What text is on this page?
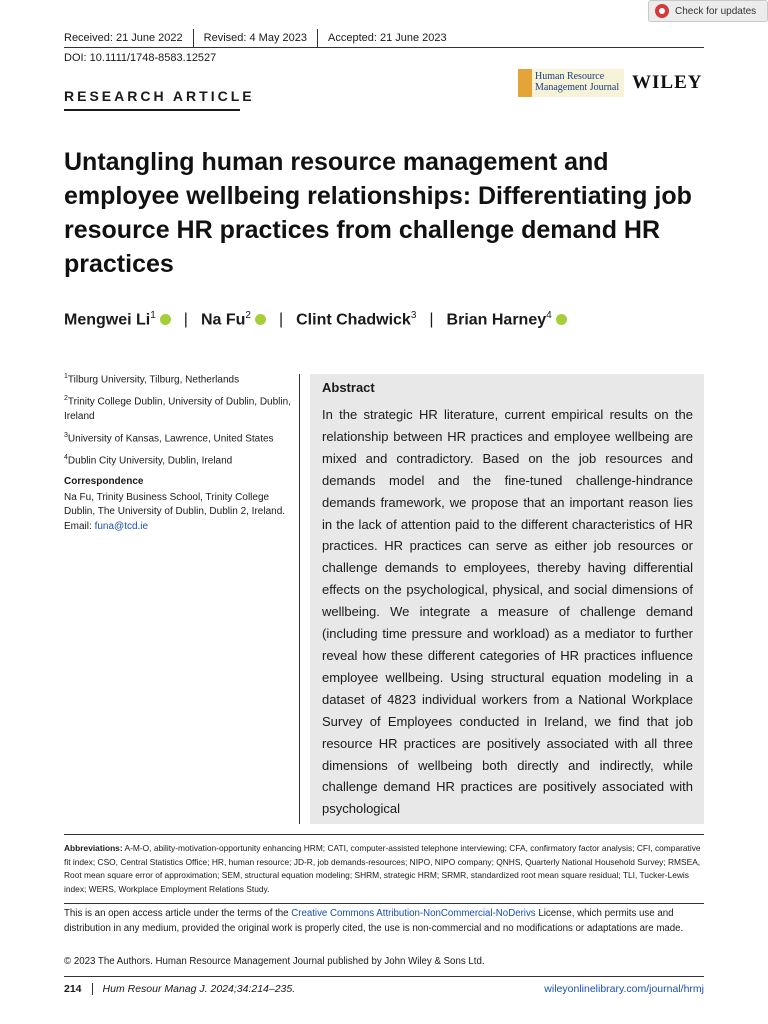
Check for updates
Received: 21 June 2022	Revised: 4 May 2023	Accepted: 21 June 2023
DOI: 10.1111/1748-8583.12527
RESEARCH ARTICLE
Human Resource
Management Journal WILEY
Untangling human resource management and employee wellbeing relationships: Differentiating job resource HR practices from challenge demand HR practices
Mengwei Li$^1$	| Na Fu$^2$	| Clint Chadwick$^3$ | Brian Harney$^4$
$^1$Tilburg University, Tilburg, Netherlands
$^2$Trinity College Dublin, University of Dublin, Dublin, Ireland
$^3$University of Kansas, Lawrence, United States
$^4$Dublin City University, Dublin, Ireland
Correspondence
Na Fu, Trinity Business School, Trinity College Dublin, The University of Dublin, Dublin 2, Ireland.
Email: funa@tcd.ie
Abstract
In the strategic HR literature, current empirical results on the relationship between HR practices and employee wellbeing are mixed and contradictory. Based on the job resources and demands model and the fine-tuned challenge-hindrance demands framework, we propose that an important reason lies in the lack of attention paid to the different characteristics of HR practices. HR practices can serve as either job resources or challenge demands to employees, thereby having differential effects on the psychological, physical, and social dimensions of wellbeing. We integrate a measure of challenge demand (including time pressure and workload) as a mediator to further reveal how these different categories of HR practices influence employee wellbeing. Using structural equation modeling in a dataset of 4823 individual workers from a National Workplace Survey of Employees conducted in Ireland, we find that job resource HR practices are positively associated with all three dimensions of wellbeing both directly and indirectly, while challenge demand HR practices are positively associated with psychological
Abbreviations: A-M-O, ability-motivation-opportunity enhancing HRM; CATI, computer-assisted telephone interviewing; CFA, confirmatory factor analysis; CFI, comparative fit index; CSO, Central Statistics Office; HR, human resource; JD-R, job demands-resources; NIPO, NIPO company; QNHS, Quarterly National Household Survey; RMSEA, Root mean square error of approximation; SEM, structural equation modeling; SHRM, strategic HRM; SRMR, standardized root mean square residual; TLI, Tucker-Lewis index; WERS, Workplace Employment Relations Study.
This is an open access article under the terms of the Creative Commons Attribution-NonCommercial-NoDerivs License, which permits use and distribution in any medium, provided the original work is properly cited, the use is non-commercial and no modifications or adaptations are made.
© 2023 The Authors. Human Resource Management Journal published by John Wiley & Sons Ltd.
214	Hum Resour Manag J. 2024;34:214–235.	wileyonlinelibrary.com/journal/hrmj
